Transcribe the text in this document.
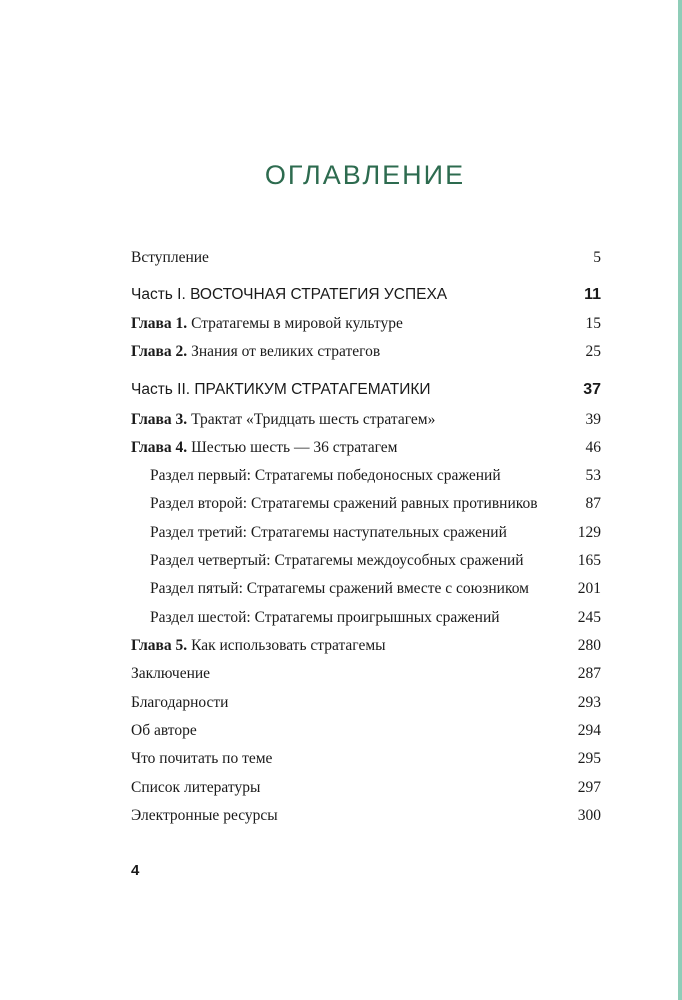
ОГЛАВЛЕНИЕ
Вступление	5
Часть I. ВОСТОЧНАЯ СТРАТЕГИЯ УСПЕХА	11
Глава 1. Стратагемы в мировой культуре	15
Глава 2. Знания от великих стратегов	25
Часть II. ПРАКТИКУМ СТРАТАГЕМАТИКИ	37
Глава 3. Трактат «Тридцать шесть стратагем»	39
Глава 4. Шестью шесть — 36 стратагем	46
Раздел первый: Стратагемы победоносных сражений	53
Раздел второй: Стратагемы сражений равных противников	87
Раздел третий: Стратагемы наступательных сражений	129
Раздел четвертый: Стратагемы междоусобных сражений	165
Раздел пятый: Стратагемы сражений вместе с союзником	201
Раздел шестой: Стратагемы проигрышных сражений	245
Глава 5. Как использовать стратагемы	280
Заключение	287
Благодарности	293
Об авторе	294
Что почитать по теме	295
Список литературы	297
Электронные ресурсы	300
4
